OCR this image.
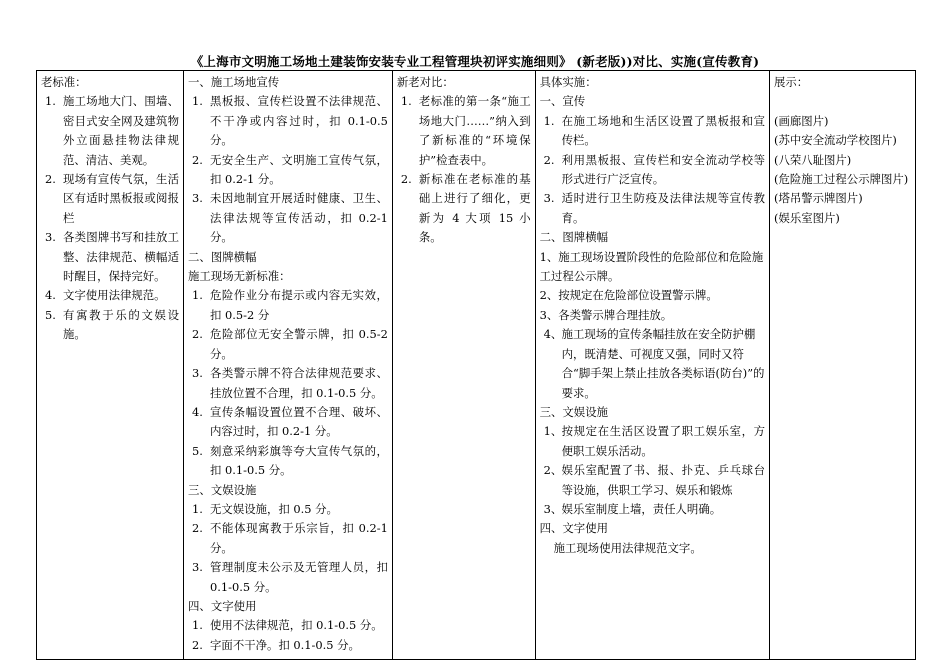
《上海市文明施工场地土建装饰安装专业工程管理块初评实施细则》 (新老版))对比、实施(宣传教育)
老标准：
1. 施工场地大门、围墙、密目式安全网及建筑物外立面悬挂物法律规范、清洁、美观。
2. 现场有宣传气氛，生活区有适时黑板报或阅报栏
3. 各类图牌书写和挂放工整、法律规范、横幅适时醒目，保持完好。
4. 文字使用法律规范。
5. 有寓教于乐的文娱设施。

一、施工场地宣传
1. 黑板报、宣传栏设置不法律规范、不干净或内容过时，扣 0.1-0.5 分。
2. 无安全生产、文明施工宣传气氛，扣 0.2-1 分。
3. 未因地制宜开展适时健康、卫生、法律法规等宣传活动，扣 0.2-1 分。
二、图牌横幅
施工现场无新标准：
1. 危险作业分布提示或内容无实效，扣 0.5-2 分
2. 危险部位无安全警示牌，扣 0.5-2 分。
3. 各类警示牌不符合法律规范要求、挂放位置不合理，扣 0.1-0.5 分。
4. 宣传条幅设置位置不合理、破坏、内容过时，扣 0.2-1 分。
5. 刻意采纳彩旗等夸大宣传气氛的，扣 0.1-0.5 分。
三、文娱设施
1. 无文娱设施，扣 0.5 分。
2. 不能体现寓教于乐宗旨，扣 0.2-1 分。
3. 管理制度未公示及无管理人员，扣 0.1-0.5 分。
四、文字使用
1. 使用不法律规范，扣 0.1-0.5 分。
2. 字面不干净。扣 0.1-0.5 分。

新老对比：
1. 老标准的第一条“施工场地大门……”纳入到了新标准的“环境保护”检查表中。
2. 新标准在老标准的基础上进行了细化，更新为 4 大项 15 小条。

具体实施：
一、宣传
1. 在施工场地和生活区设置了黑板报和宣传栏。
2. 利用黑板报、宣传栏和安全流动学校等形式进行广泛宣传。
3. 适时进行卫生防疫及法律法规等宣传教育。
二、图牌横幅
1、施工现场设置阶段性的危险部位和危险施工过程公示牌。
2、按规定在危险部位设置警示牌。
3、各类警示牌合理挂放。
4、 施工现场的宣传条幅挂放在安全防护棚内，既清楚、可视度又强，同时又符合“脚手架上禁止挂放各类标语(防台)”的要求。
三、文娱设施
1、 按规定在生活区设置了职工娱乐室，方便职工娱乐活动。
2、 娱乐室配置了书、报、扑克、乒乓球台等设施，供职工学习、娱乐和锻炼
3、 娱乐室制度上墙，责任人明确。
四、文字使用
施工现场使用法律规范文字。

展示：

(画廊图片)
(苏中安全流动学校图片)
(八荣八耻图片)
(危险施工过程公示牌图片)
(塔吊警示牌图片)
(娱乐室图片)
